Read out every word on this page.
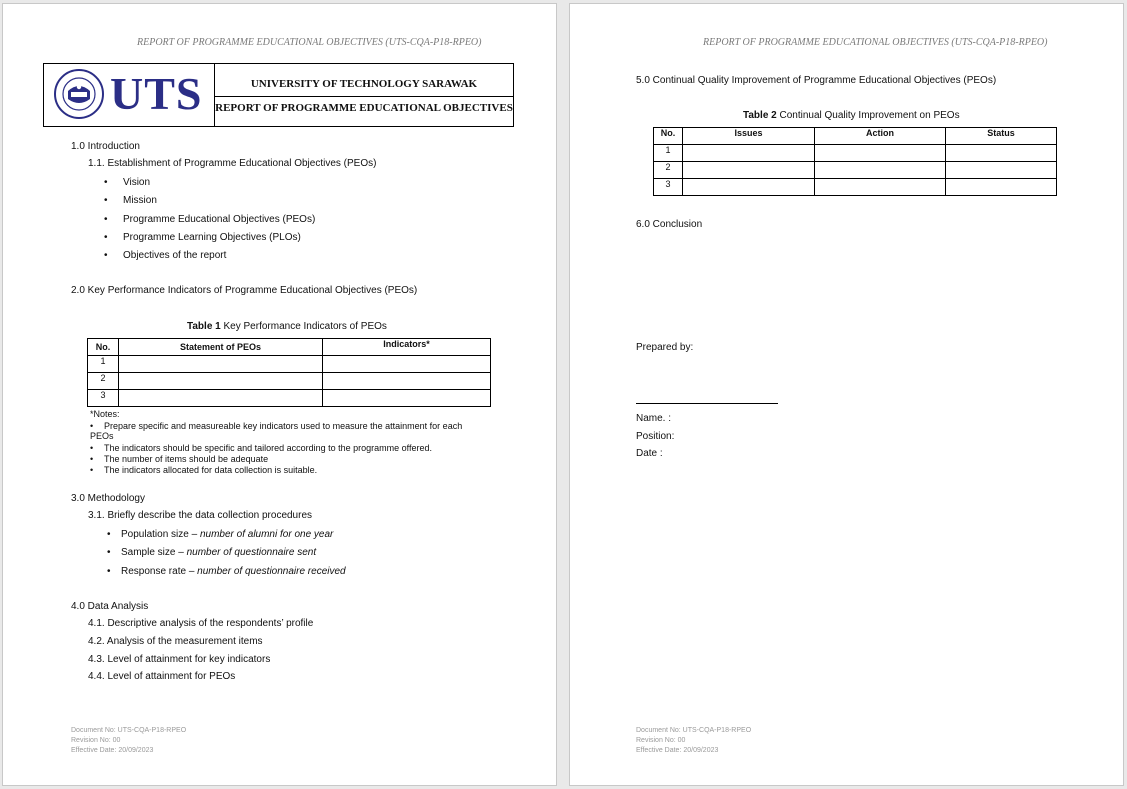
REPORT OF PROGRAMME EDUCATIONAL OBJECTIVES (UTS-CQA-P18-RPEO)
UTS	UNIVERSITY OF TECHNOLOGY SARAWAK
REPORT OF PROGRAMME EDUCATIONAL OBJECTIVES
1.0 Introduction
1.1. Establishment of Programme Educational Objectives (PEOs)
• Vision
• Mission
• Programme Educational Objectives (PEOs)
• Programme Learning Objectives (PLOs)
• Objectives of the report
2.0 Key Performance Indicators of Programme Educational Objectives (PEOs)
Table 1 Key Performance Indicators of PEOs
No.	Statement of PEOs	Indicators*
1		
2		
3		
*Notes:
• Prepare specific and measureable key indicators used to measure the attainment for each
PEOs
• The indicators should be specific and tailored according to the programme offered.
• The number of items should be adequate
• The indicators allocated for data collection is suitable.
3.0 Methodology
3.1. Briefly describe the data collection procedures
• Population size – number of alumni for one year
• Sample size – number of questionnaire sent
• Response rate – number of questionnaire received
4.0 Data Analysis
4.1. Descriptive analysis of the respondents’ profile
4.2. Analysis of the measurement items
4.3. Level of attainment for key indicators
4.4. Level of attainment for PEOs
Document No: UTS-CQA-P18-RPEO
Revision No: 00
Effective Date: 20/09/2023
REPORT OF PROGRAMME EDUCATIONAL OBJECTIVES (UTS-CQA-P18-RPEO)
5.0 Continual Quality Improvement of Programme Educational Objectives (PEOs)
Table 2 Continual Quality Improvement on PEOs
No.	Issues	Action	Status
1			
2			
3			
6.0 Conclusion
Prepared by:
Name. :
Position:
Date :
Document No: UTS-CQA-P18-RPEO
Revision No: 00
Effective Date: 20/09/2023
